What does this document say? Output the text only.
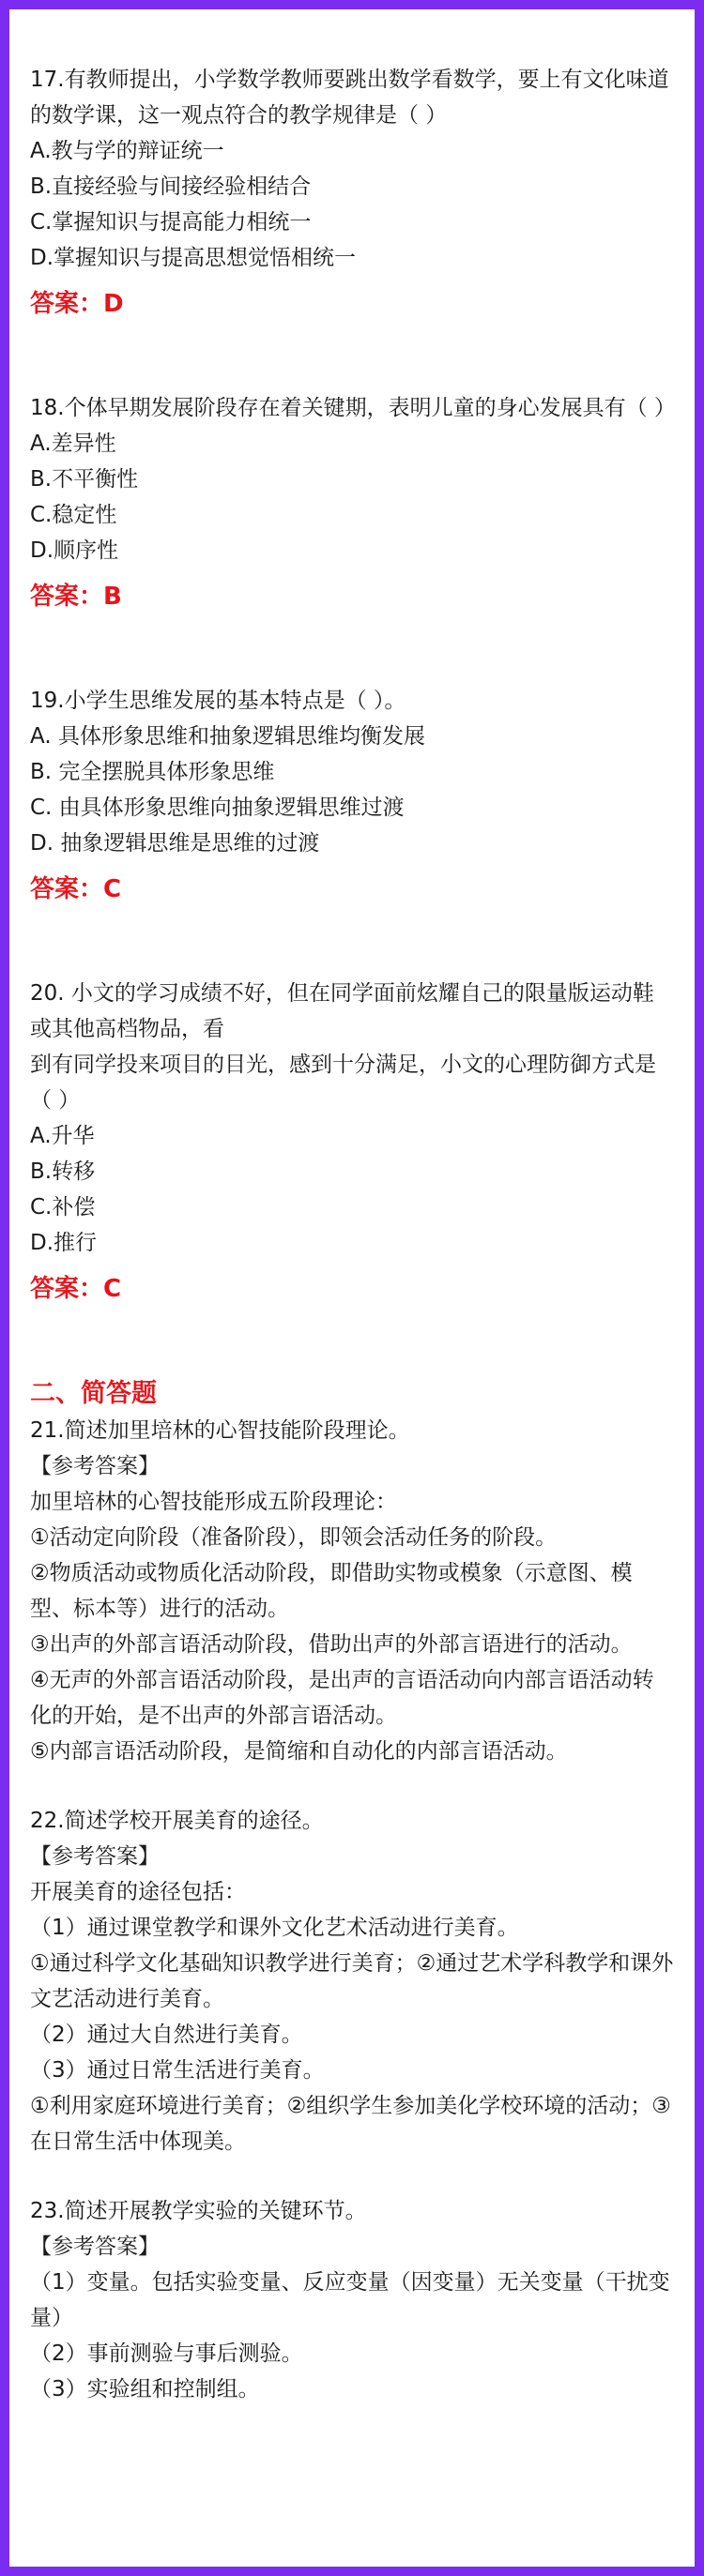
17.有教师提出，小学数学教师要跳出数学看数学，要上有文化味道的数学课，这一观点符合的教学规律是（ ）

A.教与学的辩证统一

B.直接经验与间接经验相结合

C.掌握知识与提高能力相统一

D.掌握知识与提高思想觉悟相统一

答案：D

18.个体早期发展阶段存在着关键期，表明儿童的身心发展具有（ ）

A.差异性

B.不平衡性

C.稳定性

D.顺序性

答案：B

19.小学生思维发展的基本特点是（ ）。

A. 具体形象思维和抽象逻辑思维均衡发展

B. 完全摆脱具体形象思维

C. 由具体形象思维向抽象逻辑思维过渡

D. 抽象逻辑思维是思维的过渡

答案：C

20. 小文的学习成绩不好，但在同学面前炫耀自己的限量版运动鞋或其他高档物品，看

到有同学投来项目的目光，感到十分满足，小文的心理防御方式是（ ）

A.升华

B.转移

C.补偿

D.推行

答案：C

二、简答题

21.简述加里培林的心智技能阶段理论。

【参考答案】

加里培林的心智技能形成五阶段理论：

①活动定向阶段（准备阶段），即领会活动任务的阶段。

②物质活动或物质化活动阶段，即借助实物或模象（示意图、模型、标本等）进行的活动。

③出声的外部言语活动阶段，借助出声的外部言语进行的活动。

④无声的外部言语活动阶段，是出声的言语活动向内部言语活动转化的开始，是不出声的外部言语活动。

⑤内部言语活动阶段，是简缩和自动化的内部言语活动。

22.简述学校开展美育的途径。

【参考答案】

开展美育的途径包括：

（1）通过课堂教学和课外文化艺术活动进行美育。

①通过科学文化基础知识教学进行美育；②通过艺术学科教学和课外文艺活动进行美育。

（2）通过大自然进行美育。

（3）通过日常生活进行美育。

①利用家庭环境进行美育；②组织学生参加美化学校环境的活动；③在日常生活中体现美。

23.简述开展教学实验的关键环节。

【参考答案】

（1）变量。包括实验变量、反应变量（因变量）无关变量（干扰变量）

（2）事前测验与事后测验。

（3）实验组和控制组。
